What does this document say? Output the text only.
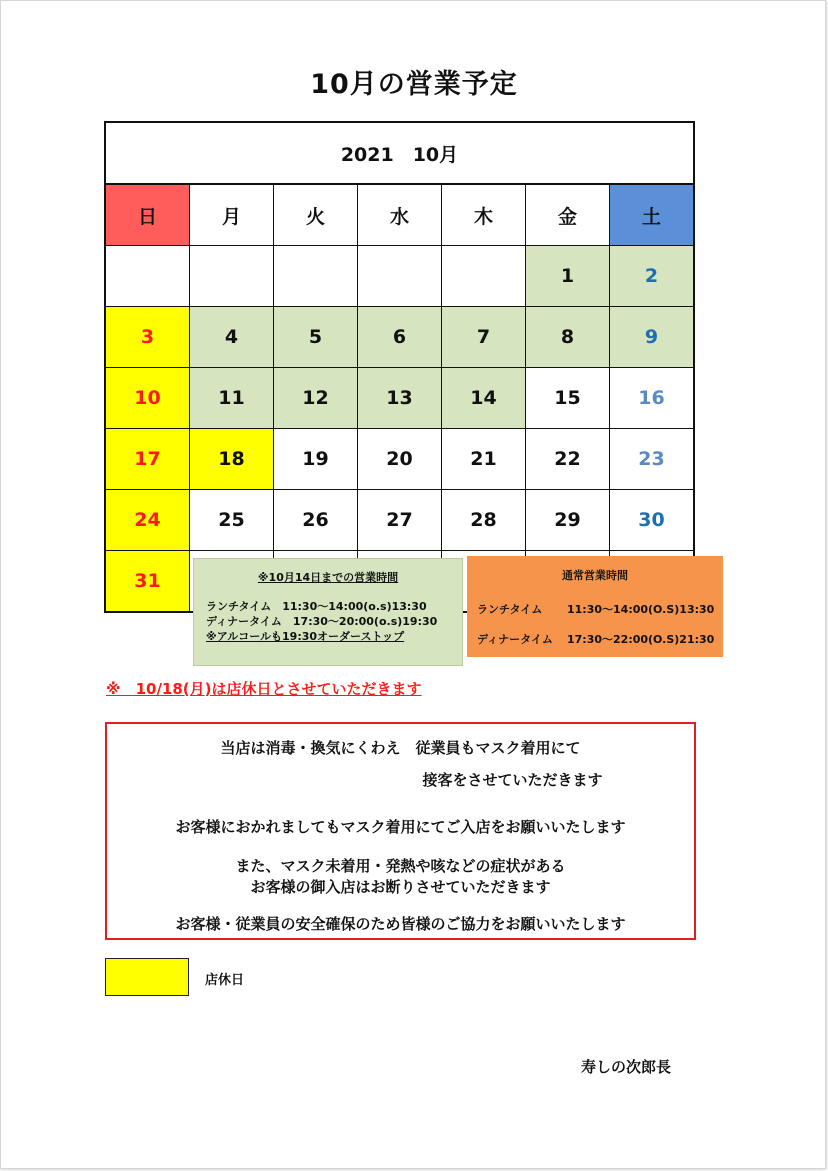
10月の営業予定
2021　10月						
日	月	火	水	木	金	土
					1	2
3	4	5	6	7	8	9
10	11	12	13	14	15	16
17	18	19	20	21	22	23
24	25	26	27	28	29	30
31							※10月14日までの営業時間
ランチタイム　11:30～14:00(o.s)13:30
ディナータイム　17:30～20:00(o.s)19:30
※アルコールも19:30オーダーストップ
通常営業時間
ランチタイム 11:30～14:00(O.S)13:30
ディナータイム 17:30～22:00(O.S)21:30
※　10/18(月)は店休日とさせていただきます
当店は消毒・換気にくわえ　従業員もマスク着用にて
接客をさせていただきます
お客様におかれましてもマスク着用にてご入店をお願いいたします
また、マスク未着用・発熱や咳などの症状がある
お客様の御入店はお断りさせていただきます
お客様・従業員の安全確保のため皆様のご協力をお願いいたします
店休日
寿しの次郎長
